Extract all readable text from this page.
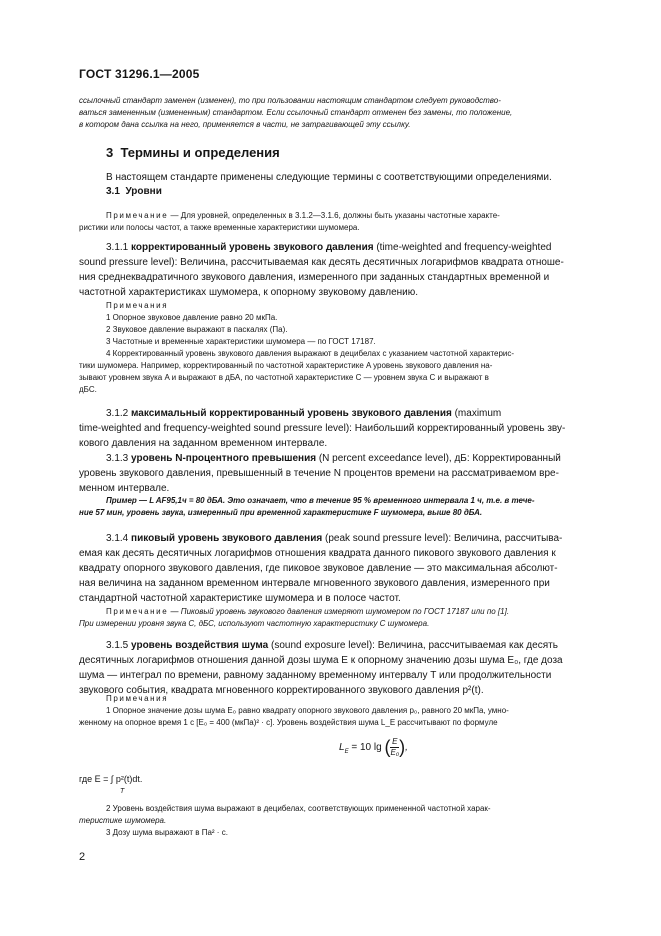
ГОСТ 31296.1—2005
ссылочный стандарт заменен (изменен), то при пользовании настоящим стандартом следует руководство-
ваться замененным (измененным) стандартом. Если ссылочный стандарт отменен без замены, то положение,
в котором дана ссылка на него, применяется в части, не затрагивающей эту ссылку.
3 Термины и определения
В настоящем стандарте применены следующие термины с соответствующими определениями.
3.1 Уровни
Примечание — Для уровней, определенных в 3.1.2—3.1.6, должны быть указаны частотные характе-
ристики или полосы частот, а также временные характеристики шумомера.
3.1.1 корректированный уровень звукового давления (time-weighted and frequency-weighted
sound pressure level): Величина, рассчитываемая как десять десятичных логарифмов квадрата отноше-
ния среднеквадратичного звукового давления, измеренного при заданных стандартных временной и
частотной характеристиках шумомера, к опорному звуковому давлению.
Примечания
1 Опорное звуковое давление равно 20 мкПа.
2 Звуковое давление выражают в паскалях (Па).
3 Частотные и временные характеристики шумомера — по ГОСТ 17187.
4 Корректированный уровень звукового давления выражают в децибелах с указанием частотной характерис-
тики шумомера. Например, корректированный по частотной характеристике A уровень звукового давления на-
зывают уровнем звука A и выражают в дБА, по частотной характеристике C — уровнем звука C и выражают в
дБС.
3.1.2 максимальный корректированный уровень звукового давления (maximum
time-weighted and frequency-weighted sound pressure level): Наибольший корректированный уровень зву-
кового давления на заданном временном интервале.
3.1.3 уровень N-процентного превышения (N percent exceedance level), дБ: Корректированный
уровень звукового давления, превышенный в течение N процентов времени на рассматриваемом вре-
менном интервале.
Пример — L AF95,1ч = 80 дБА. Это означает, что в течение 95 % временного интервала 1 ч, т.е. в тече-
ние 57 мин, уровень звука, измеренный при временной характеристике F шумомера, выше 80 дБА.
3.1.4 пиковый уровень звукового давления (peak sound pressure level): Величина, рассчитыва-
емая как десять десятичных логарифмов отношения квадрата данного пикового звукового давления к
квадрату опорного звукового давления, где пиковое звуковое давление — это максимальная абсолют-
ная величина на заданном временном интервале мгновенного звукового давления, измеренного при
стандартной частотной характеристике шумомера и в полосе частот.
Примечание — Пиковый уровень звукового давления измеряют шумомером по ГОСТ 17187 или по [1].
При измерении уровня звука C, дБС, используют частотную характеристику C шумомера.
3.1.5 уровень воздействия шума (sound exposure level): Величина, рассчитываемая как десять
десятичных логарифмов отношения данной дозы шума E к опорному значению дозы шума E₀, где доза
шума — интеграл по времени, равному заданному временному интервалу T или продолжительности
звукового события, квадрата мгновенного корректированного звукового давления p²(t).
Примечания
1 Опорное значение дозы шума E₀ равно квадрату опорного звукового давления p₀, равного 20 мкПа, умно-
женному на опорное время 1 с [E₀ = 400 (мкПа)² · с]. Уровень воздействия шума L_E рассчитывают по формуле
$L_E = 10$ lg ( $\frac{E}{\text{E₀}}$ ),
где E = ∫ p²(t)dt.
T
2 Уровень воздействия шума выражают в децибелах, соответствующих примененной частотной харак-
теристике шумомера.
3 Дозу шума выражают в Па² · с.
2
